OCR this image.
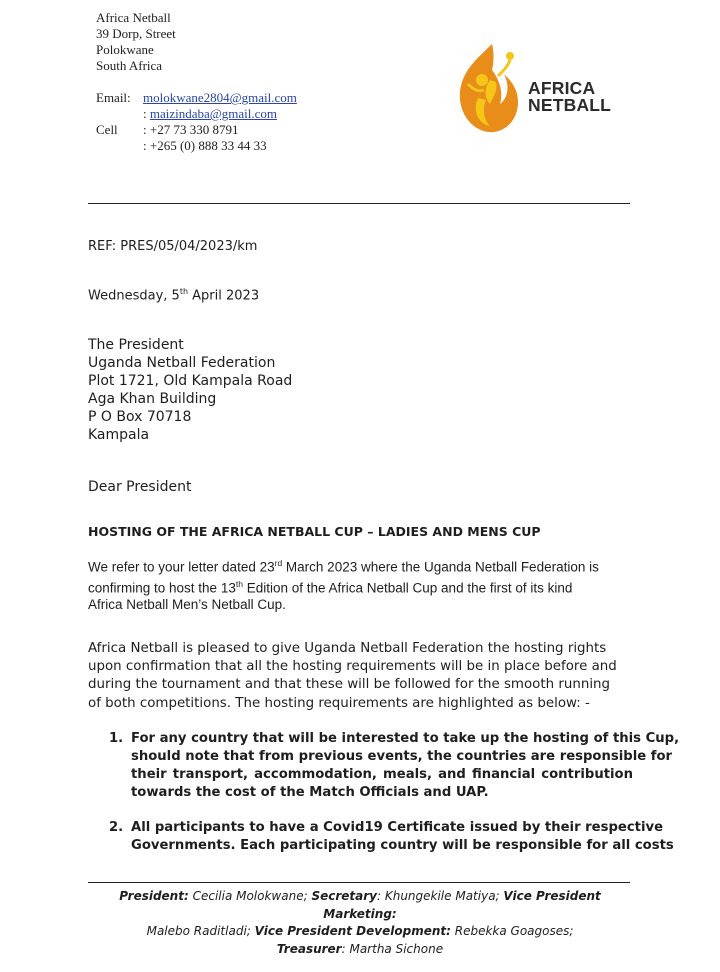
Africa Netball
39 Dorp, Street
Polokwane
South Africa
Email: molokwane2804@gmail.com
: maizindaba@gmail.com
Cell : +27 73 330 8791
: +265 (0) 888 33 44 33
AFRICA
NETBALL
REF: PRES/05/04/2023/km
Wednesday, 5th April 2023
The President
Uganda Netball Federation
Plot 1721, Old Kampala Road
Aga Khan Building
P O Box 70718
Kampala
Dear President
HOSTING OF THE AFRICA NETBALL CUP – LADIES AND MENS CUP
We refer to your letter dated 23rd March 2023 where the Uganda Netball Federation is
confirming to host the 13th Edition of the Africa Netball Cup and the first of its kind
Africa Netball Men’s Netball Cup.
Africa Netball is pleased to give Uganda Netball Federation the hosting rights
upon confirmation that all the hosting requirements will be in place before and
during the tournament and that these will be followed for the smooth running
of both competitions. The hosting requirements are highlighted as below: -
1. For any country that will be interested to take up the hosting of this Cup,
should note that from previous events, the countries are responsible for
their transport, accommodation, meals, and financial contribution
towards the cost of the Match Officials and UAP.
2. All participants to have a Covid19 Certificate issued by their respective
Governments. Each participating country will be responsible for all costs
President: Cecilia Molokwane; Secretary: Khungekile Matiya; Vice President Marketing:
Malebo Raditladi; Vice President Development: Rebekka Goagoses;
Treasurer: Martha Sichone
